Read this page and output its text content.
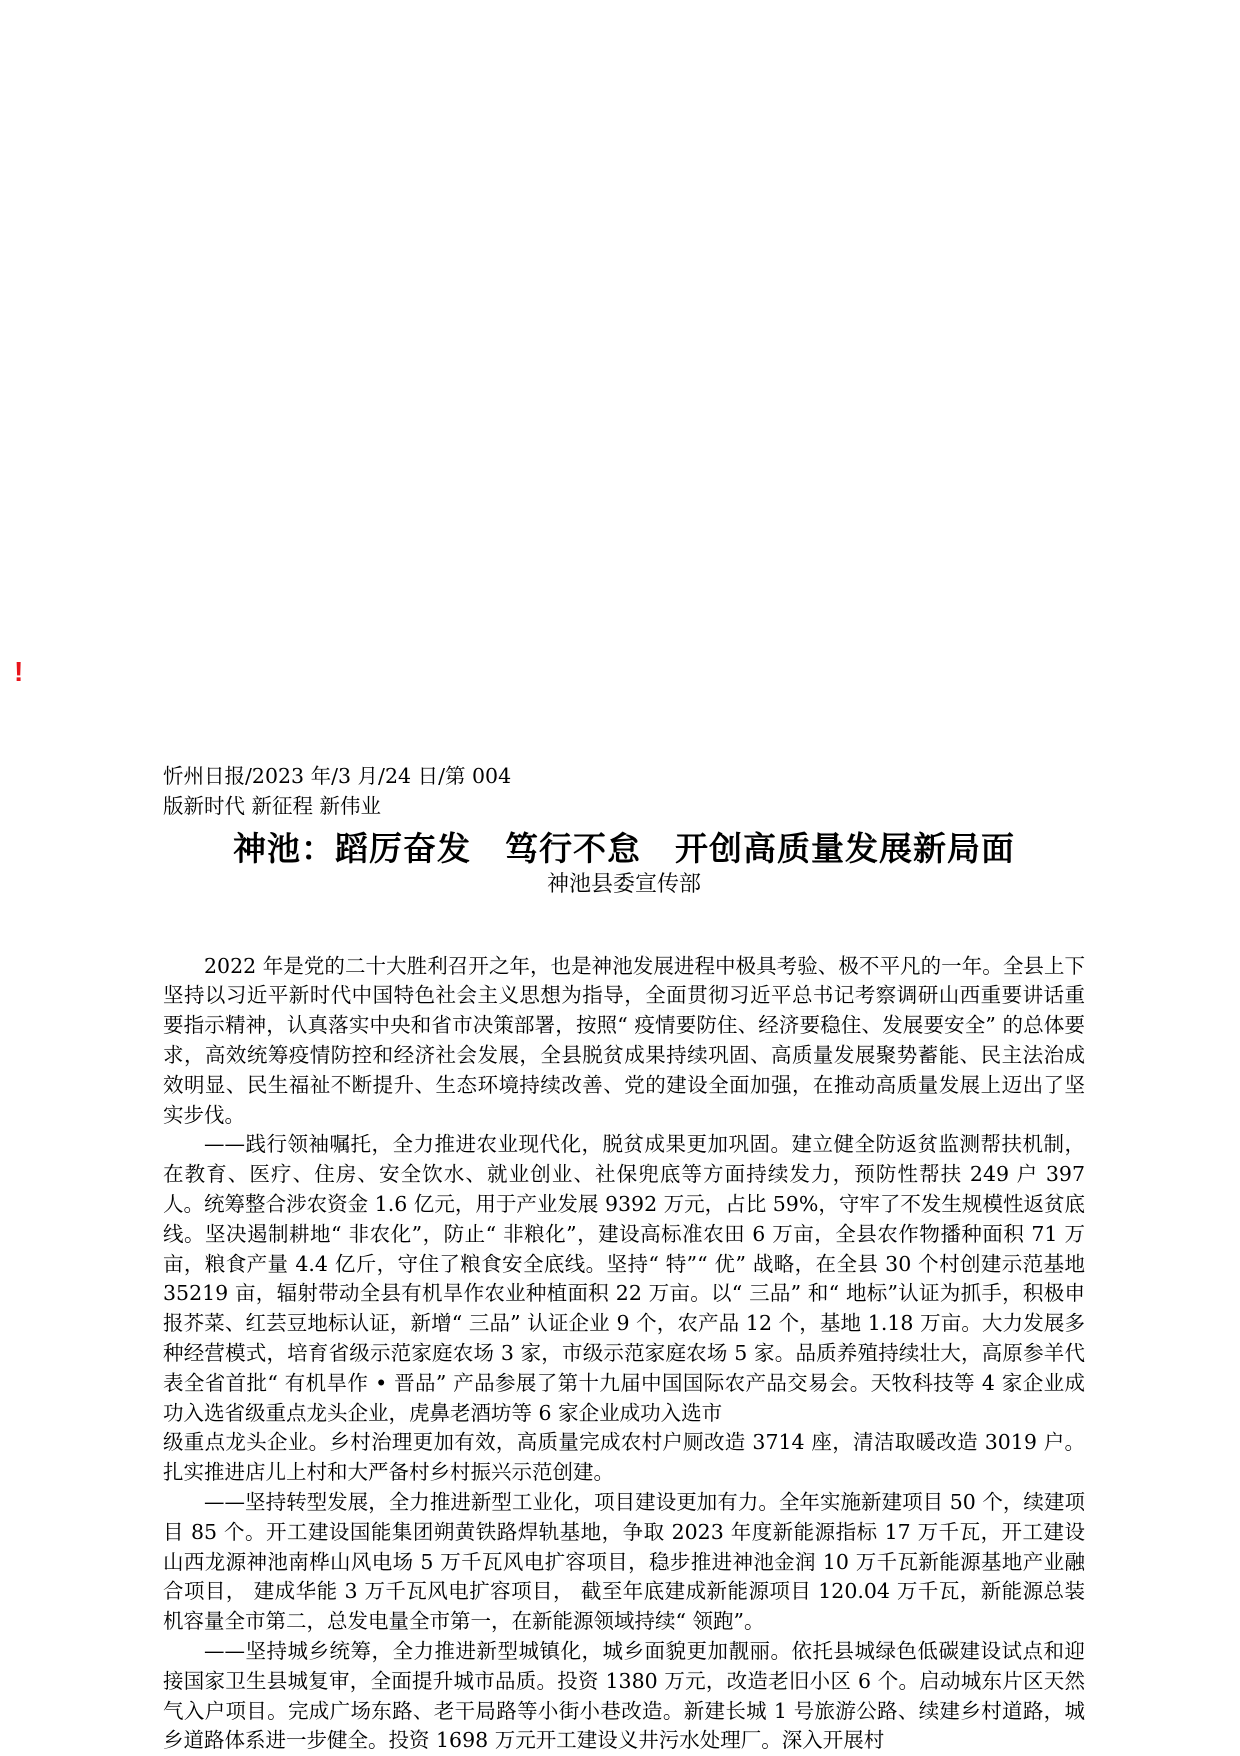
!

忻州日报/2023 年/3 月/24 日/第 004

版新时代 新征程 新伟业

神池：蹈厉奋发　笃行不怠　开创高质量发展新局面

神池县委宣传部

2022 年是党的二十大胜利召开之年，也是神池发展进程中极具考验、极不平凡的一年。全县上下坚持以习近平新时代中国特色社会主义思想为指导，全面贯彻习近平总书记考察调研山西重要讲话重要指示精神，认真落实中央和省市决策部署，按照“ 疫情要防住、经济要稳住、发展要安全” 的总体要求，高效统筹疫情防控和经济社会发展，全县脱贫成果持续巩固、高质量发展聚势蓄能、民主法治成效明显、民生福祉不断提升、生态环境持续改善、党的建设全面加强，在推动高质量发展上迈出了坚实步伐。

——践行领袖嘱托，全力推进农业现代化，脱贫成果更加巩固。建立健全防返贫监测帮扶机制，在教育、医疗、住房、安全饮水、就业创业、社保兜底等方面持续发力，预防性帮扶 249 户 397 人。统筹整合涉农资金 1.6 亿元，用于产业发展 9392 万元，占比 59%，守牢了不发生规模性返贫底线。坚决遏制耕地“ 非农化”，防止“ 非粮化”，建设高标准农田 6 万亩，全县农作物播种面积 71 万亩，粮食产量 4.4 亿斤，守住了粮食安全底线。坚持“ 特”“ 优” 战略，在全县 30 个村创建示范基地 35219 亩，辐射带动全县有机旱作农业种植面积 22 万亩。以“ 三品” 和“ 地标”认证为抓手，积极申报芥菜、红芸豆地标认证，新增“ 三品” 认证企业 9 个，农产品 12 个，基地 1.18 万亩。大力发展多种经营模式，培育省级示范家庭农场 3 家，市级示范家庭农场 5 家。品质养殖持续壮大，高原参羊代表全省首批“ 有机旱作 • 晋品” 产品参展了第十九届中国国际农产品交易会。天牧科技等 4 家企业成功入选省级重点龙头企业，虎鼻老酒坊等 6 家企业成功入选市

级重点龙头企业。乡村治理更加有效，高质量完成农村户厕改造 3714 座，清洁取暖改造 3019 户。扎实推进店儿上村和大严备村乡村振兴示范创建。

——坚持转型发展，全力推进新型工业化，项目建设更加有力。全年实施新建项目 50 个，续建项目 85 个。开工建设国能集团朔黄铁路焊轨基地，争取 2023 年度新能源指标 17 万千瓦，开工建设山西龙源神池南桦山风电场 5 万千瓦风电扩容项目，稳步推进神池金润 10 万千瓦新能源基地产业融合项目， 建成华能 3 万千瓦风电扩容项目， 截至年底建成新能源项目 120.04 万千瓦，新能源总装机容量全市第二，总发电量全市第一，在新能源领域持续“ 领跑”。

——坚持城乡统筹，全力推进新型城镇化，城乡面貌更加靓丽。依托县城绿色低碳建设试点和迎接国家卫生县城复审，全面提升城市品质。投资 1380 万元，改造老旧小区 6 个。启动城东片区天然气入户项目。完成广场东路、老干局路等小街小巷改造。新建长城 1 号旅游公路、续建乡村道路，城乡道路体系进一步健全。投资 1698 万元开工建设义井污水处理厂。深入开展村
